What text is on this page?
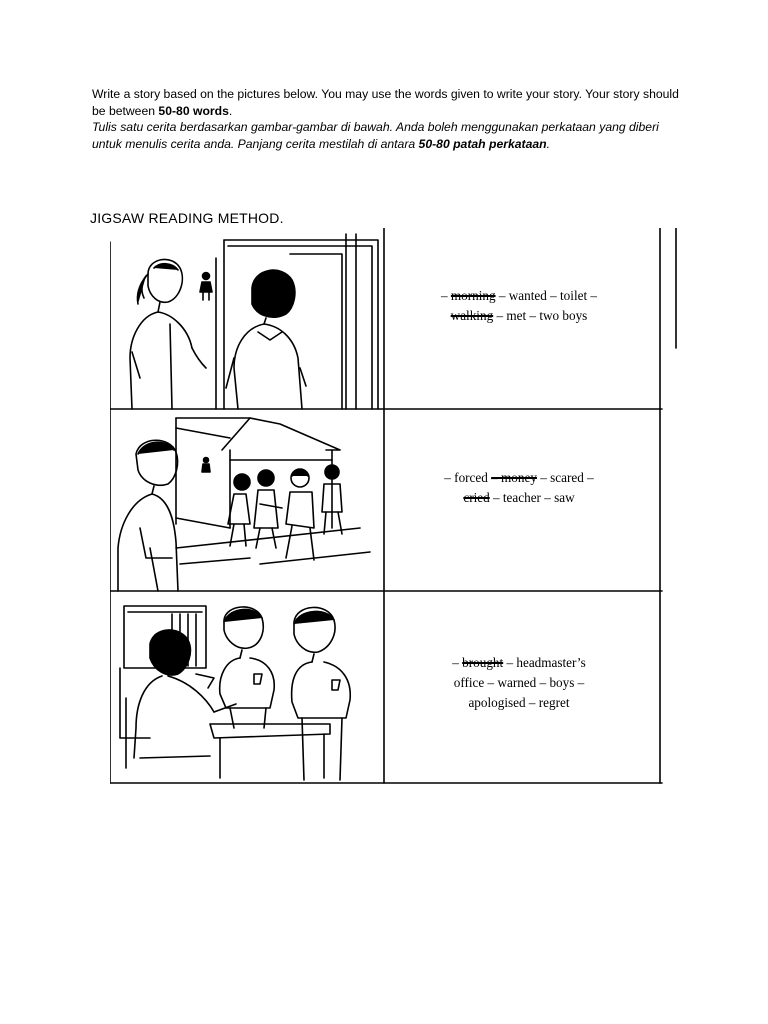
Write a story based on the pictures below. You may use the words given to write your story. Your story should be between 50-80 words.

Tulis satu cerita berdasarkan gambar-gambar di bawah. Anda boleh menggunakan perkataan yang diberi untuk menulis cerita anda. Panjang cerita mestilah di antara 50-80 patah perkataan.

JIGSAW READING METHOD.
– morning – wanted – toilet –
walking – met – two boys
– forced – money – scared –
cried – teacher – saw
– brought – headmaster’s
office – warned – boys –
apologised – regret
